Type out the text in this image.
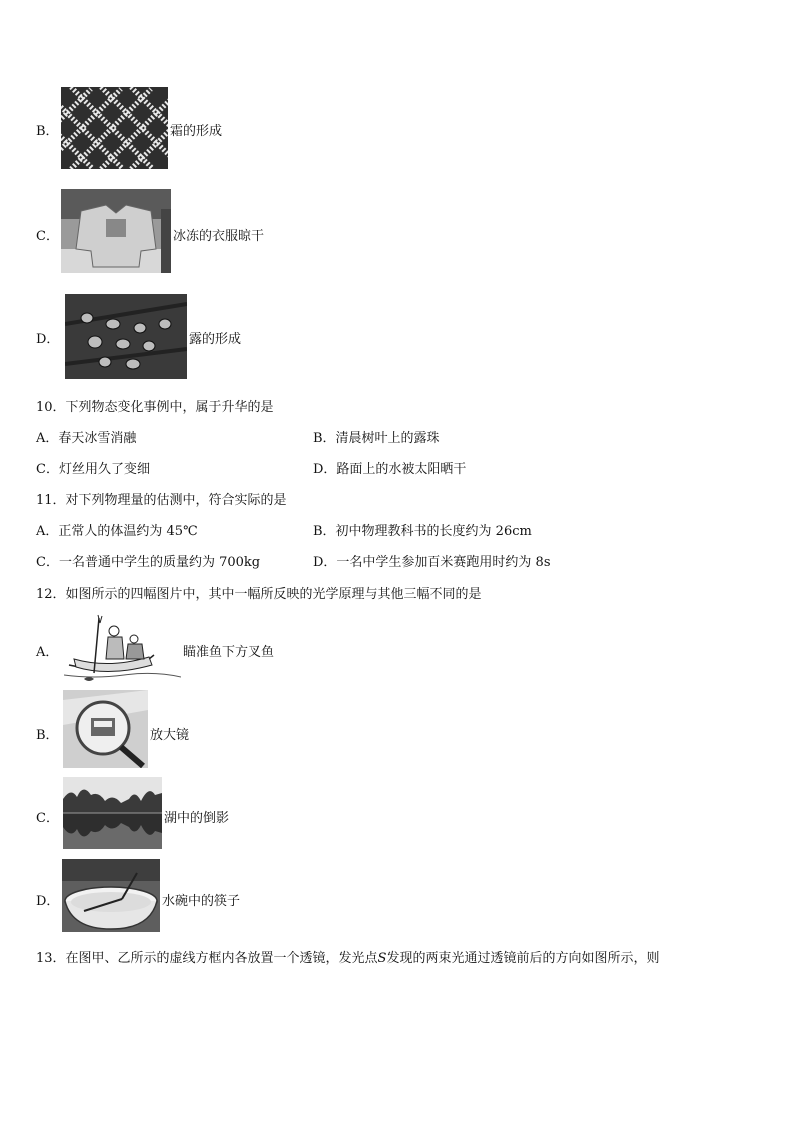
B．	霜的形成
C．	冰冻的衣服晾干
D．	露的形成
10．下列物态变化事例中，属于升华的是
A．春天冰雪消融	B．清晨树叶上的露珠
C．灯丝用久了变细	D．路面上的水被太阳晒干
11．对下列物理量的估测中，符合实际的是
A．正常人的体温约为 45℃	B．初中物理教科书的长度约为 26cm
C．一名普通中学生的质量约为 700kg	D．一名中学生参加百米赛跑用时约为 8s
12．如图所示的四幅图片中，其中一幅所反映的光学原理与其他三幅不同的是
A．	瞄准鱼下方叉鱼
B．	放大镜
C．	湖中的倒影
D．	水碗中的筷子
13．在图甲、乙所示的虚线方框内各放置一个透镜，发光点S发现的两束光通过透镜前后的方向如图所示，则
